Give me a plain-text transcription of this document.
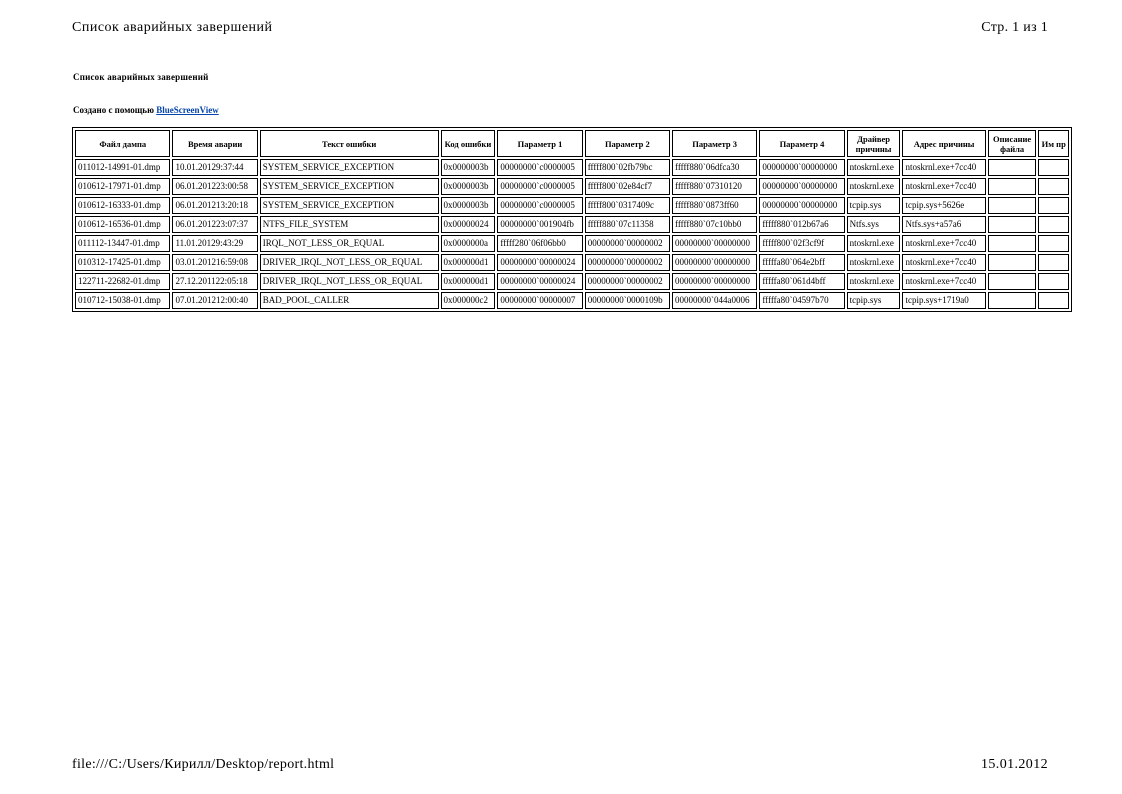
Список аварийных завершений	Стр. 1 из 1
Список аварийных завершений
Создано с помощью BlueScreenView
Файл дампа	Время аварии	Текст ошибки	Код ошибки	Параметр 1	Параметр 2	Параметр 3	Параметр 4	Драйвер причины	Адрес причины	Описание файла	Им пр
011012-14991-01.dmp	10.01.20129:37:44	SYSTEM_SERVICE_EXCEPTION	0x0000003b	00000000`c0000005	fffff800`02fb79bc	fffff880`06dfca30	00000000`00000000	ntoskrnl.exe	ntoskrnl.exe+7cc40		
010612-17971-01.dmp	06.01.201223:00:58	SYSTEM_SERVICE_EXCEPTION	0x0000003b	00000000`c0000005	fffff800`02e84cf7	fffff880`07310120	00000000`00000000	ntoskrnl.exe	ntoskrnl.exe+7cc40		
010612-16333-01.dmp	06.01.201213:20:18	SYSTEM_SERVICE_EXCEPTION	0x0000003b	00000000`c0000005	fffff800`0317409c	fffff880`0873ff60	00000000`00000000	tcpip.sys	tcpip.sys+5626e		
010612-16536-01.dmp	06.01.201223:07:37	NTFS_FILE_SYSTEM	0x00000024	00000000`001904fb	fffff880`07c11358	fffff880`07c10bb0	fffff880`012b67a6	Ntfs.sys	Ntfs.sys+a57a6		
011112-13447-01.dmp	11.01.20129:43:29	IRQL_NOT_LESS_OR_EQUAL	0x0000000a	fffff280`06f06bb0	00000000`00000002	00000000`00000000	fffff800`02f3cf9f	ntoskrnl.exe	ntoskrnl.exe+7cc40		
010312-17425-01.dmp	03.01.201216:59:08	DRIVER_IRQL_NOT_LESS_OR_EQUAL	0x000000d1	00000000`00000024	00000000`00000002	00000000`00000000	fffffa80`064e2bff	ntoskrnl.exe	ntoskrnl.exe+7cc40		
122711-22682-01.dmp	27.12.201122:05:18	DRIVER_IRQL_NOT_LESS_OR_EQUAL	0x000000d1	00000000`00000024	00000000`00000002	00000000`00000000	fffffa80`061d4bff	ntoskrnl.exe	ntoskrnl.exe+7cc40		
010712-15038-01.dmp	07.01.201212:00:40	BAD_POOL_CALLER	0x000000c2	00000000`00000007	00000000`0000109b	00000000`044a0006	fffffa80`04597b70	tcpip.sys	tcpip.sys+1719a0		
file:///C:/Users/Кирилл/Desktop/report.html	15.01.2012
